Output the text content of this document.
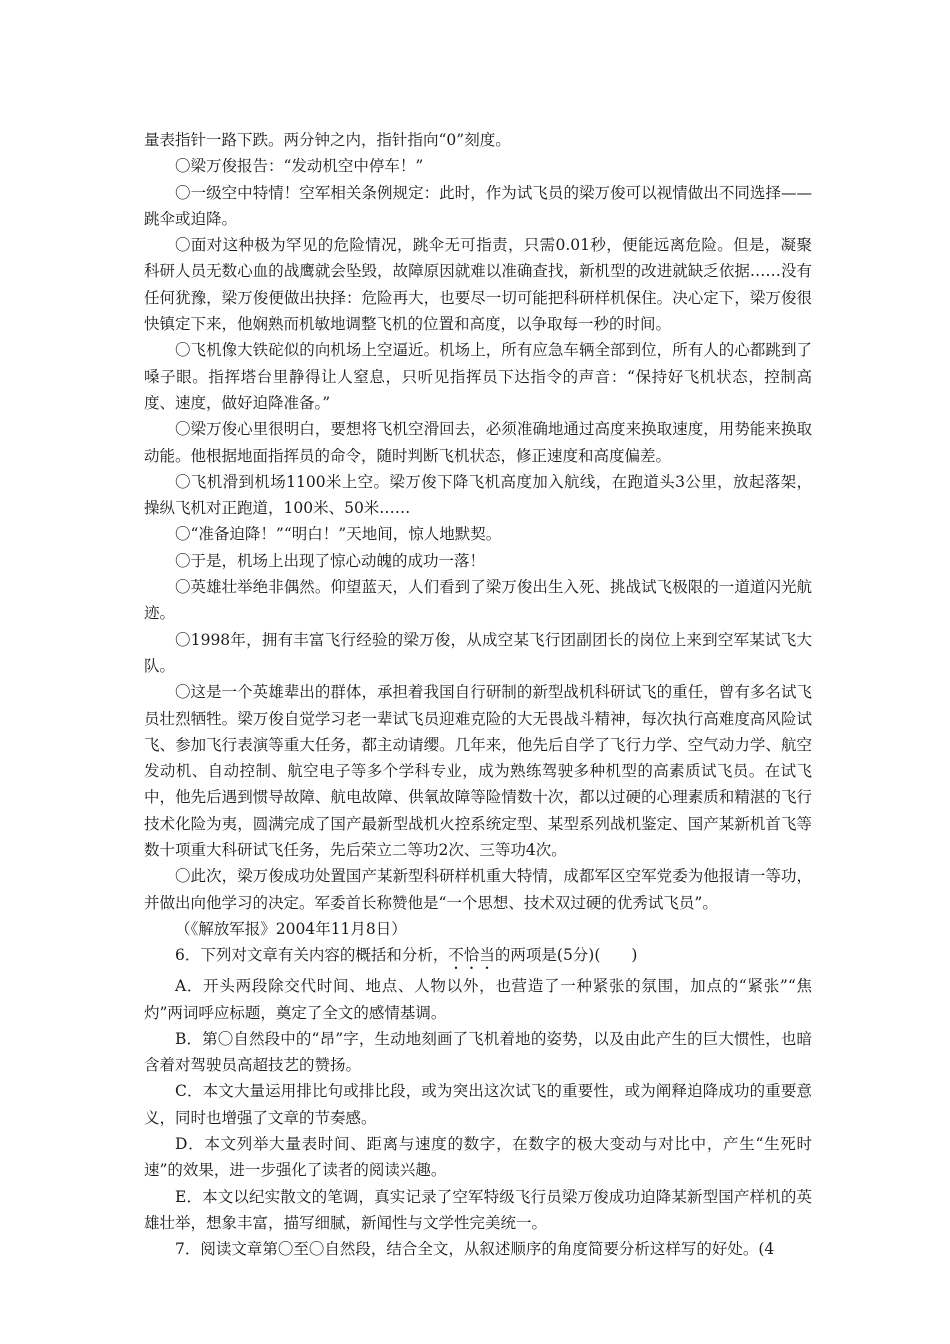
量表指针一路下跌。两分钟之内，指针指向“0”刻度。

〇梁万俊报告：“发动机空中停车！”

〇一级空中特情！空军相关条例规定：此时，作为试飞员的梁万俊可以视情做出不同选择——跳伞或迫降。

〇面对这种极为罕见的危险情况，跳伞无可指责，只需0.01秒，便能远离危险。但是，凝聚科研人员无数心血的战鹰就会坠毁，故障原因就难以准确查找，新机型的改进就缺乏依据……没有任何犹豫，梁万俊便做出抉择：危险再大，也要尽一切可能把科研样机保住。决心定下，梁万俊很快镇定下来，他娴熟而机敏地调整飞机的位置和高度，以争取每一秒的时间。

〇飞机像大铁砣似的向机场上空逼近。机场上，所有应急车辆全部到位，所有人的心都跳到了嗓子眼。指挥塔台里静得让人窒息，只听见指挥员下达指令的声音：“保持好飞机状态，控制高度、速度，做好迫降准备。”

〇梁万俊心里很明白，要想将飞机空滑回去，必须准确地通过高度来换取速度，用势能来换取动能。他根据地面指挥员的命令，随时判断飞机状态，修正速度和高度偏差。

〇飞机滑到机场1100米上空。梁万俊下降飞机高度加入航线，在跑道头3公里，放起落架，操纵飞机对正跑道，100米、50米……

〇“准备迫降！”“明白！”天地间，惊人地默契。

〇于是，机场上出现了惊心动魄的成功一落！

〇英雄壮举绝非偶然。仰望蓝天，人们看到了梁万俊出生入死、挑战试飞极限的一道道闪光航迹。

〇1998年，拥有丰富飞行经验的梁万俊，从成空某飞行团副团长的岗位上来到空军某试飞大队。

〇这是一个英雄辈出的群体，承担着我国自行研制的新型战机科研试飞的重任，曾有多名试飞员壮烈牺牲。梁万俊自觉学习老一辈试飞员迎难克险的大无畏战斗精神，每次执行高难度高风险试飞、参加飞行表演等重大任务，都主动请缨。几年来，他先后自学了飞行力学、空气动力学、航空发动机、自动控制、航空电子等多个学科专业，成为熟练驾驶多种机型的高素质试飞员。在试飞中，他先后遇到惯导故障、航电故障、供氧故障等险情数十次，都以过硬的心理素质和精湛的飞行技术化险为夷，圆满完成了国产最新型战机火控系统定型、某型系列战机鉴定、国产某新机首飞等数十项重大科研试飞任务，先后荣立二等功2次、三等功4次。

〇此次，梁万俊成功处置国产某新型科研样机重大特情，成都军区空军党委为他报请一等功，并做出向他学习的决定。军委首长称赞他是“一个思想、技术双过硬的优秀试飞员”。

（《解放军报》2004年11月8日）

6．下列对文章有关内容的概括和分析，不恰当的两项是(5分)(　　)

A．开头两段除交代时间、地点、人物以外，也营造了一种紧张的氛围，加点的“紧张”“焦灼”两词呼应标题，奠定了全文的感情基调。

B．第〇自然段中的“昂”字，生动地刻画了飞机着地的姿势，以及由此产生的巨大惯性，也暗含着对驾驶员高超技艺的赞扬。

C．本文大量运用排比句或排比段，或为突出这次试飞的重要性，或为阐释迫降成功的重要意义，同时也增强了文章的节奏感。

D．本文列举大量表时间、距离与速度的数字，在数字的极大变动与对比中，产生“生死时速”的效果，进一步强化了读者的阅读兴趣。

E．本文以纪实散文的笔调，真实记录了空军特级飞行员梁万俊成功迫降某新型国产样机的英雄壮举，想象丰富，描写细腻，新闻性与文学性完美统一。

7．阅读文章第〇至〇自然段，结合全文，从叙述顺序的角度简要分析这样写的好处。(4
